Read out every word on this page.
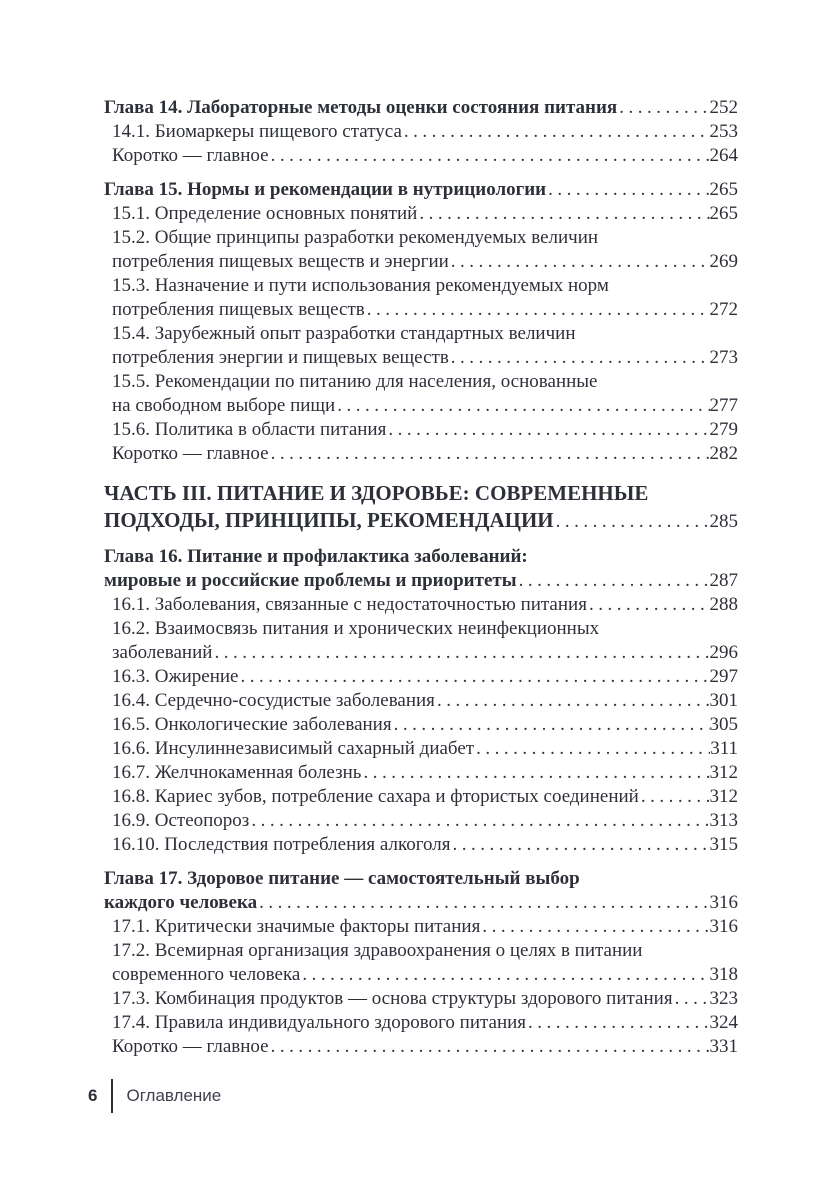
Глава 14. Лабораторные методы оценки состояния питания .....	252
14.1. Биомаркеры пищевого статуса .....	253
Коротко — главное .....	264
Глава 15. Нормы и рекомендации в нутрициологии .....	265
15.1. Определение основных понятий .....	265
15.2. Общие принципы разработки рекомендуемых величин
потребления пищевых веществ и энергии .....	269
15.3. Назначение и пути использования рекомендуемых норм
потребления пищевых веществ .....	272
15.4. Зарубежный опыт разработки стандартных величин
потребления энергии и пищевых веществ .....	273
15.5. Рекомендации по питанию для населения, основанные
на свободном выборе пищи .....	277
15.6. Политика в области питания .....	279
Коротко — главное .....	282
ЧАСТЬ III. ПИТАНИЕ И ЗДОРОВЬЕ: СОВРЕМЕННЫЕ
ПОДХОДЫ, ПРИНЦИПЫ, РЕКОМЕНДАЦИИ .....	285
Глава 16. Питание и профилактика заболеваний:
мировые и российские проблемы и приоритеты .....	287
16.1. Заболевания, связанные с недостаточностью питания .....	288
16.2. Взаимосвязь питания и хронических неинфекционных
заболеваний .....	296
16.3. Ожирение .....	297
16.4. Сердечно-сосудистые заболевания .....	301
16.5. Онкологические заболевания .....	305
16.6. Инсулиннезависимый сахарный диабет .....	311
16.7. Желчнокаменная болезнь .....	312
16.8. Кариес зубов, потребление сахара и фтористых соединений .....	312
16.9. Остеопороз .....	313
16.10. Последствия потребления алкоголя .....	315
Глава 17. Здоровое питание — самостоятельный выбор
каждого человека .....	316
17.1. Критически значимые факторы питания .....	316
17.2. Всемирная организация здравоохранения о целях в питании
современного человека .....	318
17.3. Комбинация продуктов — основа структуры здорового питания ..... 323
17.4. Правила индивидуального здорового питания .....	324
Коротко — главное .....	331
6 Оглавление
